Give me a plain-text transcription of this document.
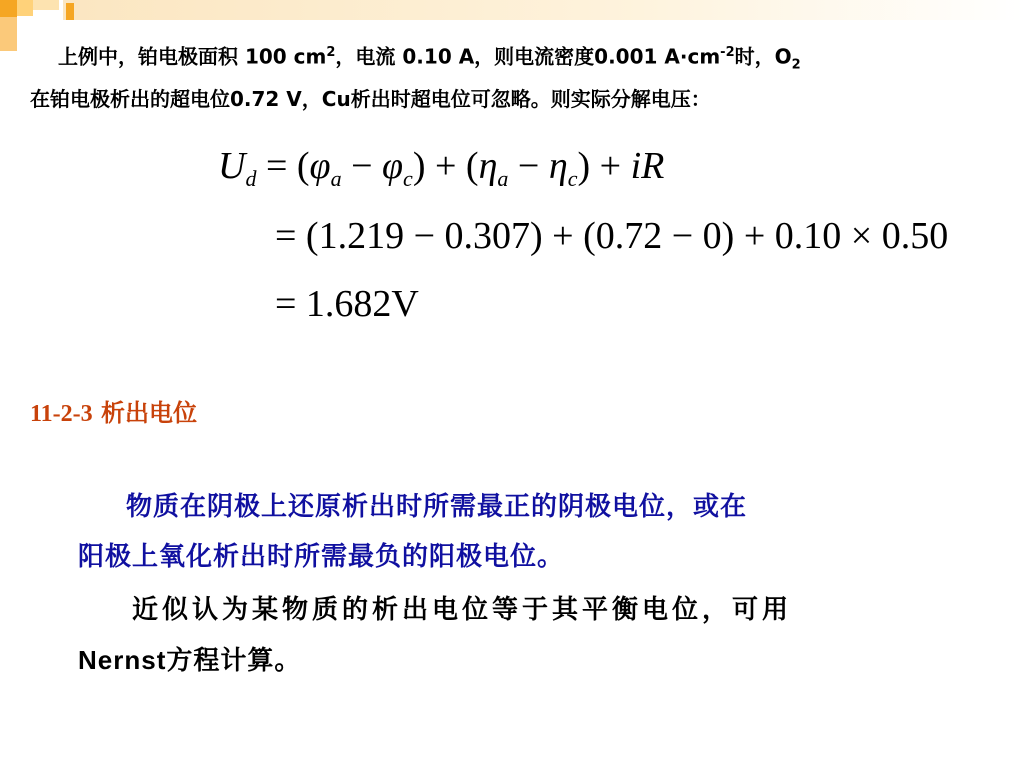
上例中，铂电极面积 100 $cm^2$，电流 0.10 A，则电流密度0.001 $A\cdot cm^{-2}$时，$O_2$
在铂电极析出的超电位0.72 V，Cu析出时超电位可忽略。则实际分解电压：
$U_d = (\varphi_a - \varphi_c) + (\eta_a - \eta_c)$ + iR
= (1.219 − 0.307) + (0.72 − 0) + 0.10 × 0.50
= 1.682V
11-2-3 析出电位
物质在阴极上还原析出时所需最正的阴极电位，或在
阳极上氧化析出时所需最负的阳极电位。
近似认为某物质的析出电位等于其平衡电位，可用
Nernst方程计算。
